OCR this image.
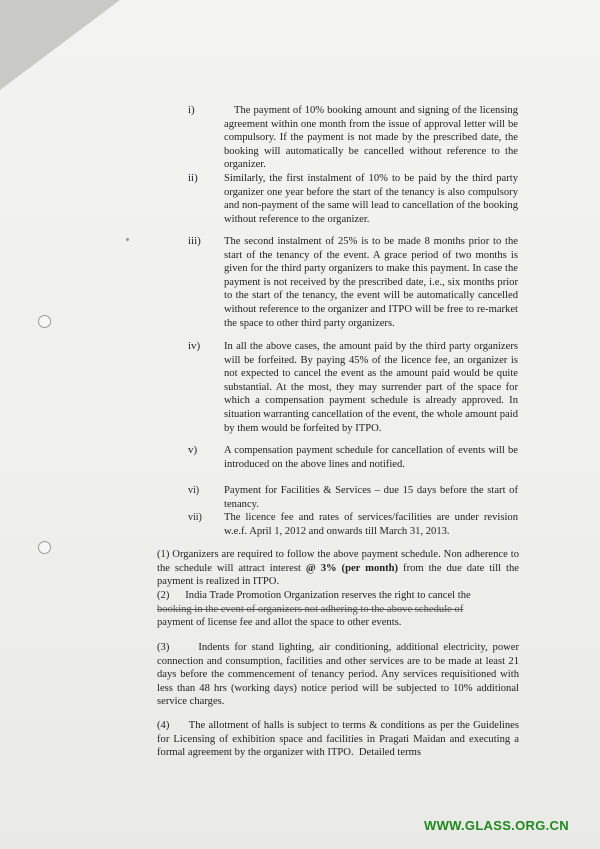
i)	The payment of 10% booking amount and signing of the licensing agreement within one month from the issue of approval letter will be compulsory. If the payment is not made by the prescribed date, the booking will automatically be cancelled without reference to the organizer.
ii)	Similarly, the first instalment of 10% to be paid by the third party organizer one year before the start of the tenancy is also compulsory and non-payment of the same will lead to cancellation of the booking without reference to the organizer.
iii)	The second instalment of 25% is to be made 8 months prior to the start of the tenancy of the event. A grace period of two months is given for the third party organizers to make this payment. In case the payment is not received by the prescribed date, i.e., six months prior to the start of the tenancy, the event will be automatically cancelled without reference to the organizer and ITPO will be free to re-market the space to other third party organizers.
iv)	In all the above cases, the amount paid by the third party organizers will be forfeited. By paying 45% of the licence fee, an organizer is not expected to cancel the event as the amount paid would be quite substantial. At the most, they may surrender part of the space for which a compensation payment schedule is already approved. In situation warranting cancellation of the event, the whole amount paid by them would be forfeited by ITPO.
v)	A compensation payment schedule for cancellation of events will be introduced on the above lines and notified.
vi)	Payment for Facilities & Services – due 15 days before the start of tenancy.
vii)	The licence fee and rates of services/facilities are under revision w.e.f. April 1, 2012 and onwards till March 31, 2013.
(1) Organizers are required to follow the above payment schedule. Non adherence to the schedule will attract interest @ 3% (per month) from the due date till the payment is realized in ITPO.
(2)      India Trade Promotion Organization reserves the right to cancel the
booking in the event of organizers not adhering to the above schedule of
payment of license fee and allot the space to other events.
(3)      Indents for stand lighting, air conditioning, additional electricity, power connection and consumption, facilities and other services are to be made at least 21 days before the commencement of tenancy period. Any services requisitioned with less than 48 hrs (working days) notice period will be subjected to 10% additional service charges.
(4)      The allotment of halls is subject to terms & conditions as per the Guidelines for Licensing of exhibition space and facilities in Pragati Maidan and executing a formal agreement by the organizer with ITPO.  Detailed terms
WWW.GLASS.ORG.CN
